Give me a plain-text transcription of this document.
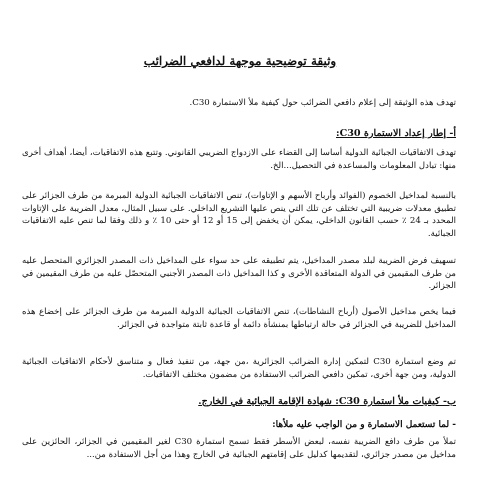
وثيقة توضيحية موجهة لدافعي الضرائب

تهدف هذه الوثيقة إلى إعلام دافعي الضرائب حول كيفية ملأ الاستمارة C30.

أ- إطار إعداد الاستمارة C30:

تهدف الاتفاقيات الجبائية الدولية أساسا إلى القضاء على الازدواج الضريبي القانوني. وتتبع هذه الاتفاقيات، أيضا، أهداف أخرى منها: تبادل المعلومات والمساعدة في التحصيل...الخ.

بالنسبة لمداخيل الخصوم (الفوائد وأرباح الأسهم و الإتاوات)، تنص الاتفاقيات الجبائية الدولية المبرمة من طرف الجزائر على تطبيق معدلات ضريبية التي تختلف عن تلك التي ينص عليها التشريع الداخلي. على سبيل المثال، معدل الضريبة على الإتاوات المحدد بـ 24 ٪ حسب القانون الداخلي، يمكن أن يخفض إلى 15 أو 12 أو حتى 10 ٪ و ذلك وفقا لما تنص عليه الاتفاقيات الجبائية.

تسهيف فرض الضريبة لبلد مصدر المداخيل، يتم تطبيقه على حد سواء على المداخيل ذات المصدر الجزائري المتحصل عليه من طرف المقيمين في الدولة المتعاقدة الأخرى و كذا المداخيل ذات المصدر الأجنبي المتحصّل عليه من طرف المقيمين في الجزائر.

فيما يخص مداخيل الأصول (أرباح النشاطات)، تنص الاتفاقيات الجبائية الدولية المبرمة من طرف الجزائر على إخضاع هذه المداخيل للضريبة في الجزائر في حالة ارتباطها بمنشأة دائمة أو قاعدة ثابتة متواجدة في الجزائر.

تم وضع استمارة C30 لتمكين إدارة الضرائب الجزائرية ،من جهة، من تنفيذ فعال و متناسق لأحكام الاتفاقيات الجبائية الدولية، ومن جهة أخرى، تمكين دافعي الضرائب الاستفادة من مضمون مختلف الاتفاقيات.

ب- كيفيات ملأ استمارة C30: شهادة الإقامة الجبائية في الخارج.

- لما تستعمل الاستمارة و من الواجب عليه ملأها:

تملأ من طرف دافع الضريبة نفسه، لبعض الأسطر فقط تسمح استمارة C30 لغير المقيمين في الجزائر، الحائزين على مداخيل من مصدر جزائري، لتقديمها كدليل على إقامتهم الجبائية في الخارج وهذا من أجل الاستفادة من...
